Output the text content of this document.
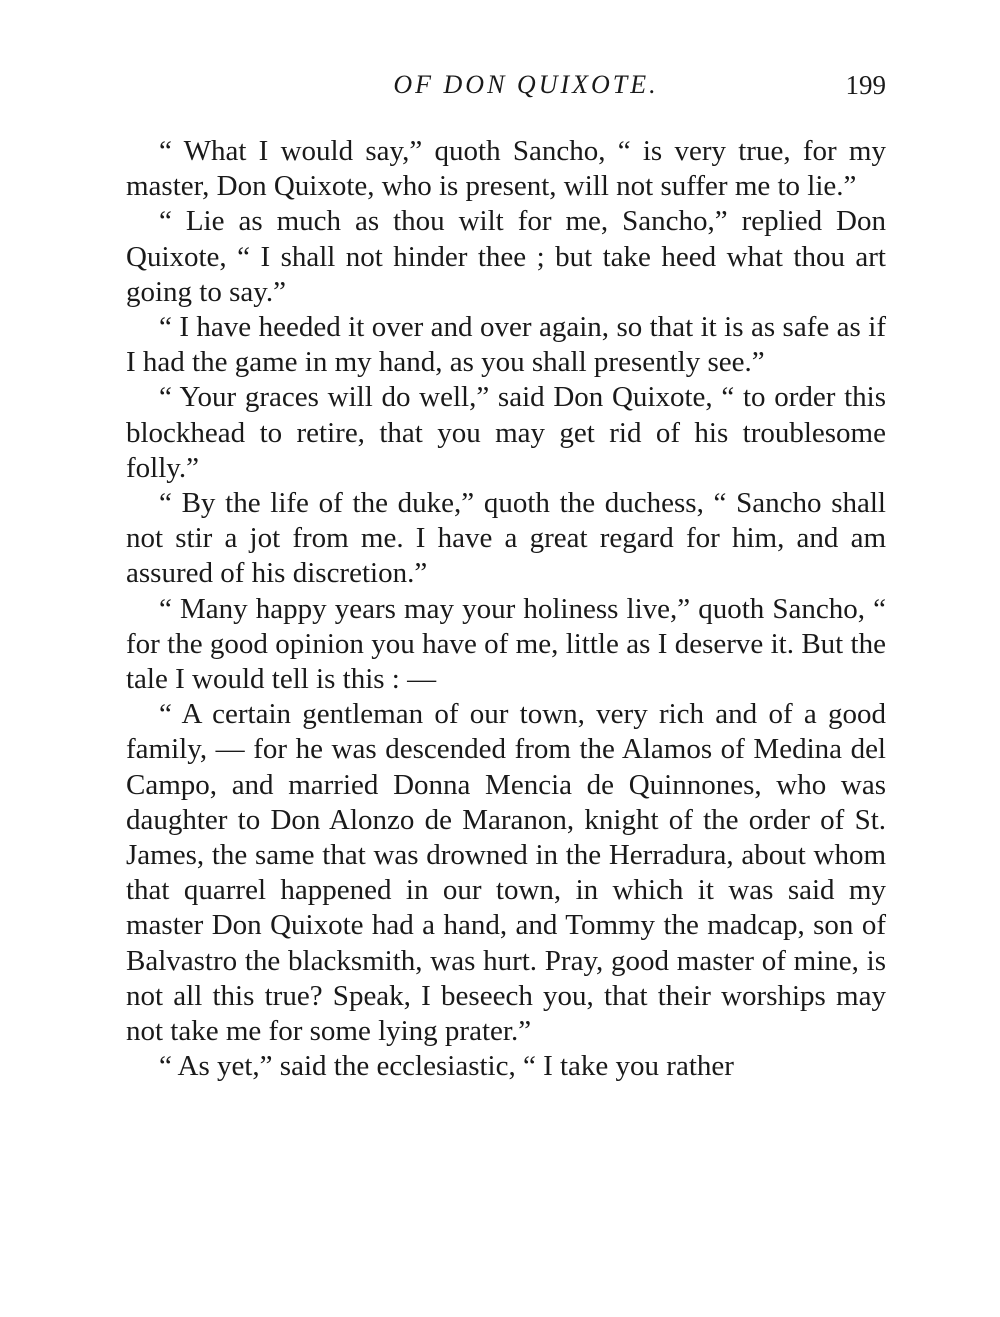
OF DON QUIXOTE.	199

“ What I would say,” quoth Sancho, “ is very true, for my master, Don Quixote, who is present, will not suffer me to lie.”

“ Lie as much as thou wilt for me, Sancho,” replied Don Quixote, “ I shall not hinder thee ; but take heed what thou art going to say.”

“ I have heeded it over and over again, so that it is as safe as if I had the game in my hand, as you shall presently see.”

“ Your graces will do well,” said Don Quixote, “ to order this blockhead to retire, that you may get rid of his troublesome folly.”

“ By the life of the duke,” quoth the duchess, “ Sancho shall not stir a jot from me. I have a great regard for him, and am assured of his discretion.”

“ Many happy years may your holiness live,” quoth Sancho, “ for the good opinion you have of me, little as I deserve it. But the tale I would tell is this : —

“ A certain gentleman of our town, very rich and of a good family, — for he was descended from the Alamos of Medina del Campo, and married Donna Mencia de Quinnones, who was daughter to Don Alonzo de Maranon, knight of the order of St. James, the same that was drowned in the Herradura, about whom that quarrel happened in our town, in which it was said my master Don Quixote had a hand, and Tommy the madcap, son of Balvastro the blacksmith, was hurt. Pray, good master of mine, is not all this true? Speak, I beseech you, that their worships may not take me for some lying prater.”

“ As yet,” said the ecclesiastic, “ I take you rather
